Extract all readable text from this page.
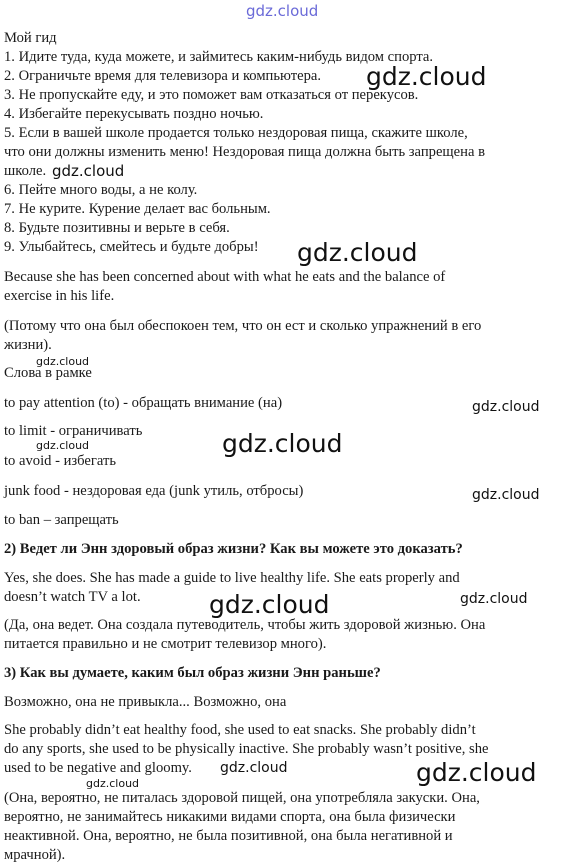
gdz.cloud
Мой гид
1. Идите туда, куда можете, и займитесь каким-нибудь видом спорта.
2. Ограничьте время для телевизора и компьютера.
3. Не пропускайте еду, и это поможет вам отказаться от перекусов.
4. Избегайте перекусывать поздно ночью.
5. Если в вашей школе продается только нездоровая пища, скажите школе,
что они должны изменить меню! Нездоровая пища должна быть запрещена в
школе.
6. Пейте много воды, а не колу.
7. Не курите. Курение делает вас больным.
8. Будьте позитивны и верьте в себя.
9. Улыбайтесь, смейтесь и будьте добры!
Because she has been concerned about with what he eats and the balance of
exercise in his life.
(Потому что она был обеспокоен тем, что он ест и сколько упражнений в его
жизни).
Слова в рамке
to pay attention (to) - обращать внимание (на)
to limit - ограничивать
to avoid - избегать
junk food - нездоровая еда (junk утиль, отбросы)
to ban – запрещать
2) Ведет ли Энн здоровый образ жизни? Как вы можете это доказать?
Yes, she does. She has made a guide to live healthy life. She eats properly and
doesn’t watch TV a lot.
(Да, она ведет. Она создала путеводитель, чтобы жить здоровой жизнью. Она
питается правильно и не смотрит телевизор много).
3) Как вы думаете, каким был образ жизни Энн раньше?
Возможно, она не привыкла... Возможно, она
She probably didn’t eat healthy food, she used to eat snacks. She probably didn’t
do any sports, she used to be physically inactive. She probably wasn’t positive, she
used to be negative and gloomy.
(Она, вероятно, не питалась здоровой пищей, она употребляла закуски. Она,
вероятно, не занимайтесь никакими видами спорта, она была физически
неактивной. Она, вероятно, не была позитивной, она была негативной и
мрачной).
gdz.cloud
gdz.cloud
gdz.cloud
gdz.cloud
gdz.cloud
gdz.cloud	gdz.cloud
gdz.cloud
gdz.cloud	gdz.cloud
gdz.cloud
gdz.cloud	gdz.cloud
